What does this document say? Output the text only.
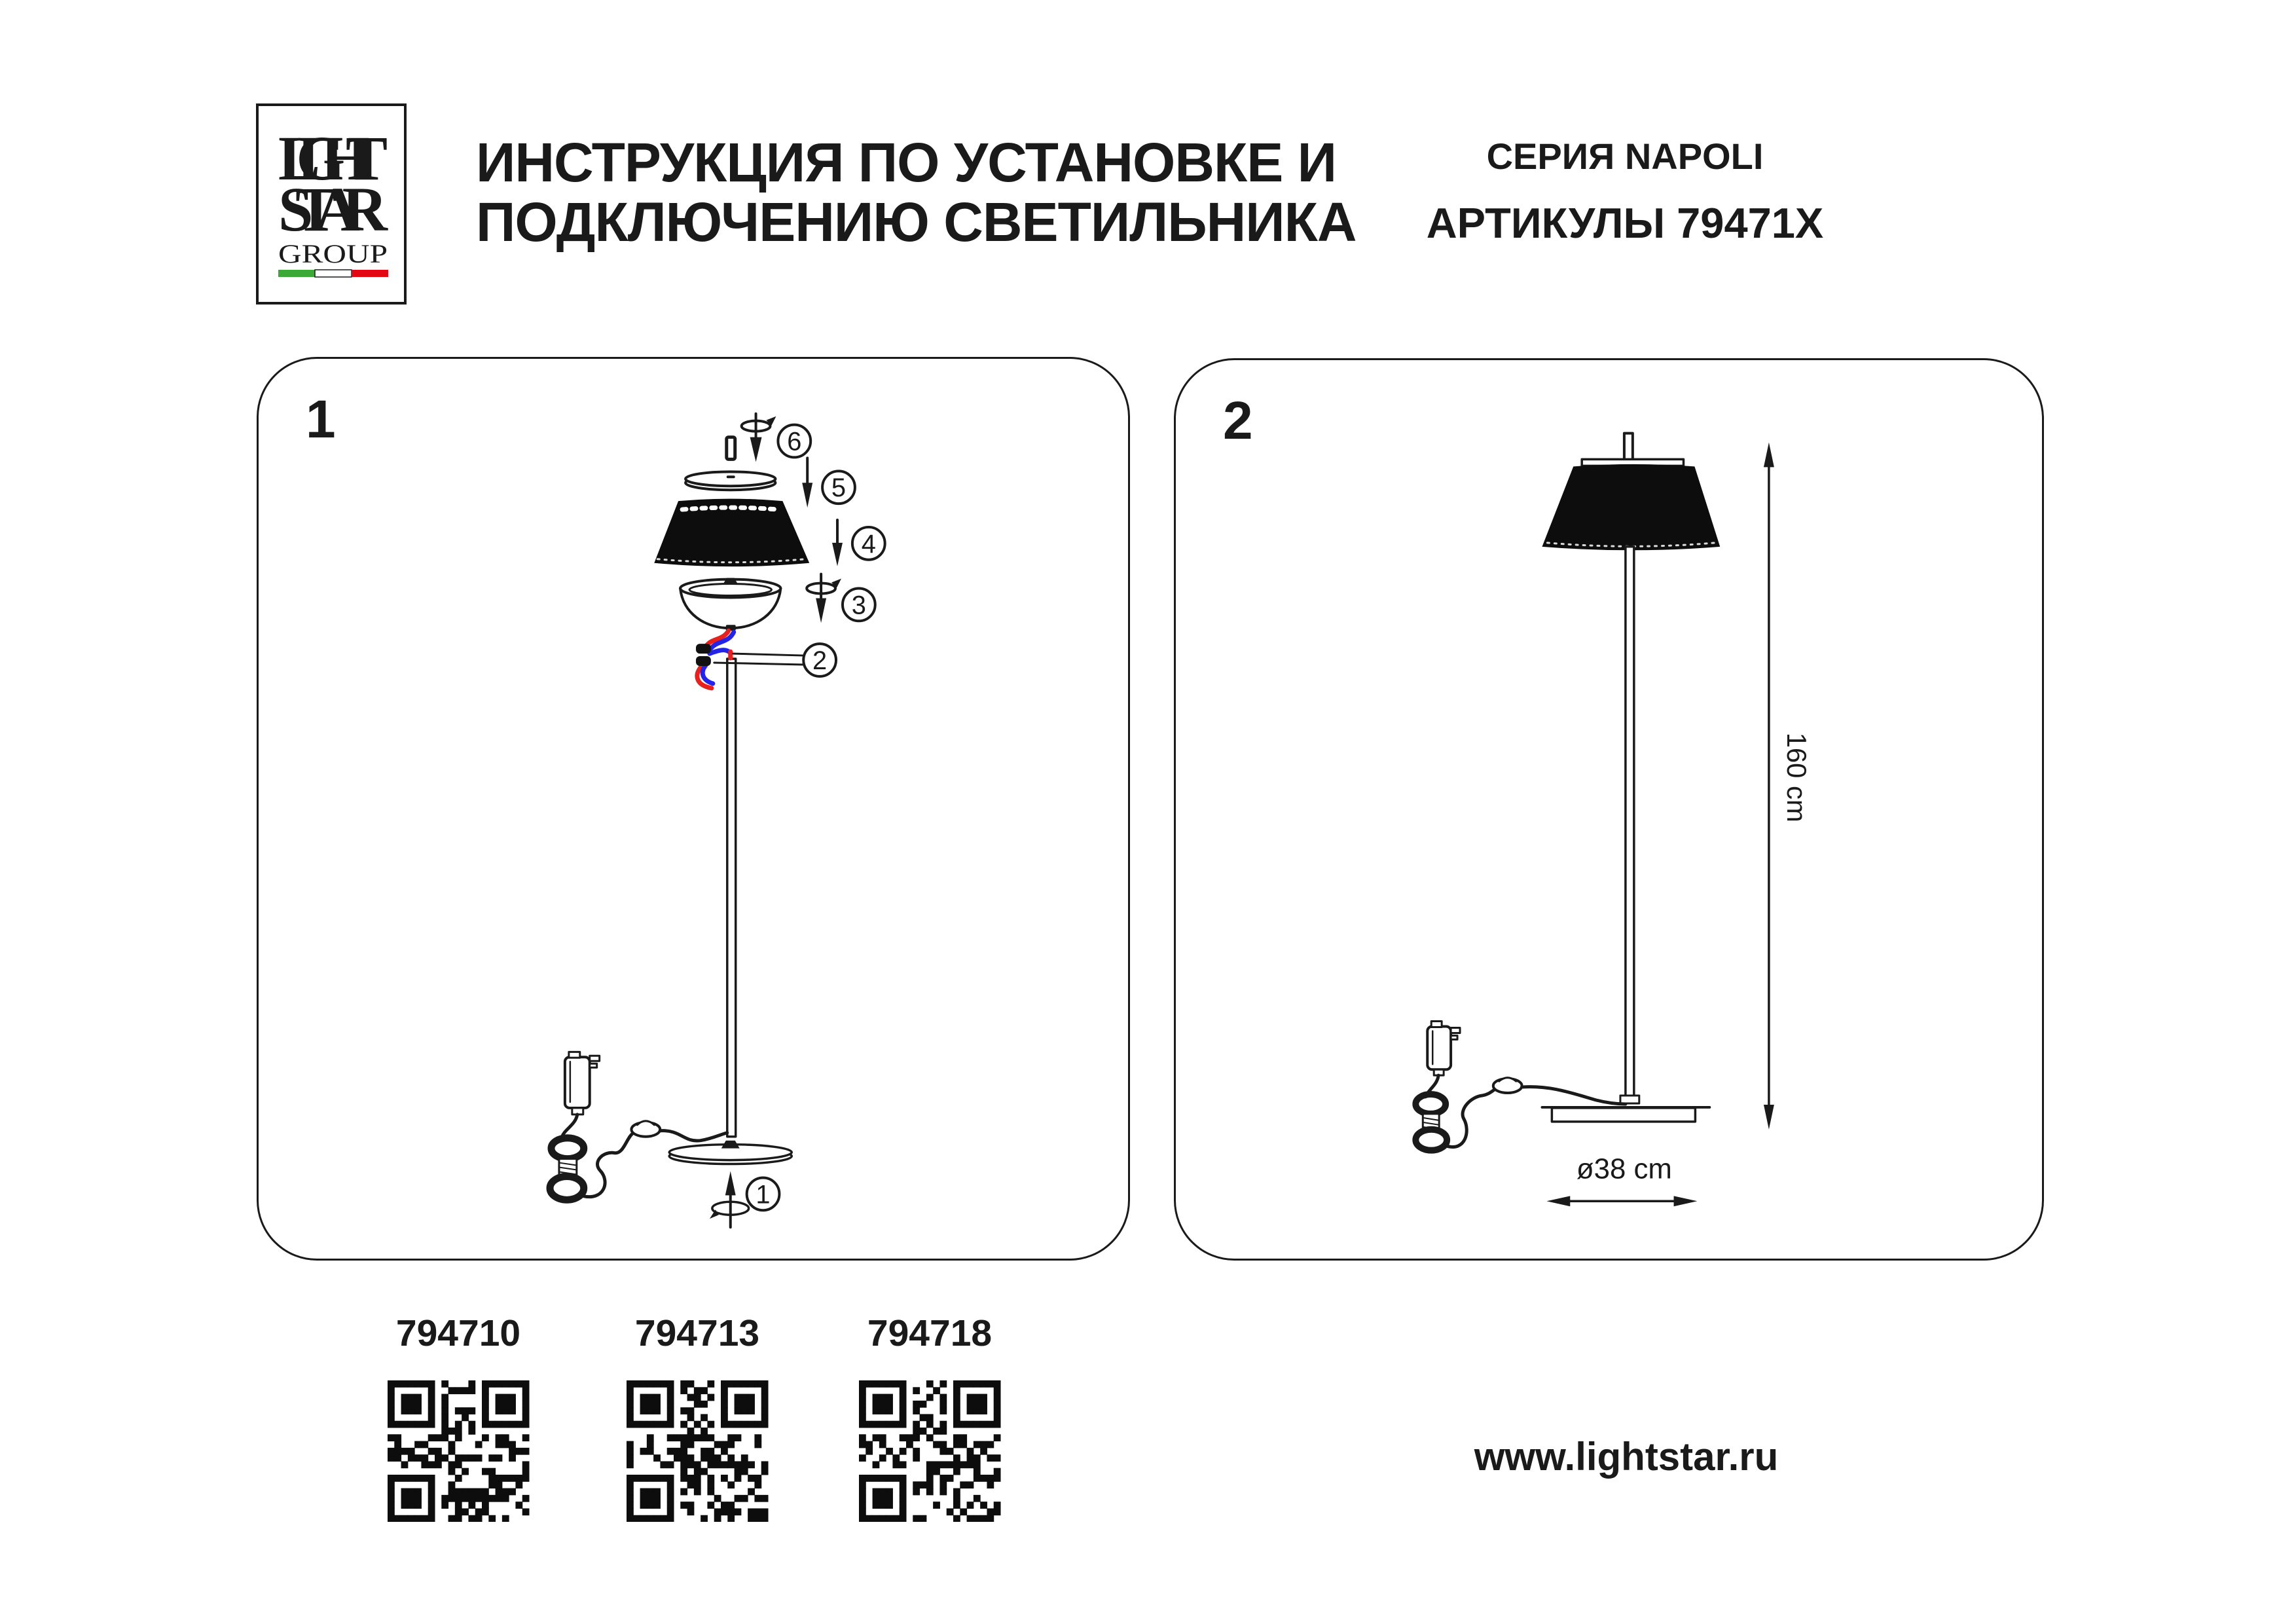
LIGHT
STAR
GROUP
ИНСТРУКЦИЯ ПО УСТАНОВКЕ И
ПОДКЛЮЧЕНИЮ СВЕТИЛЬНИКА
СЕРИЯ NAPOLI
АРТИКУЛЫ 79471X
1	6
5
4
3
2
1
2
160 cm
ø38 cm
794710	794713	794718
www.lightstar.ru
